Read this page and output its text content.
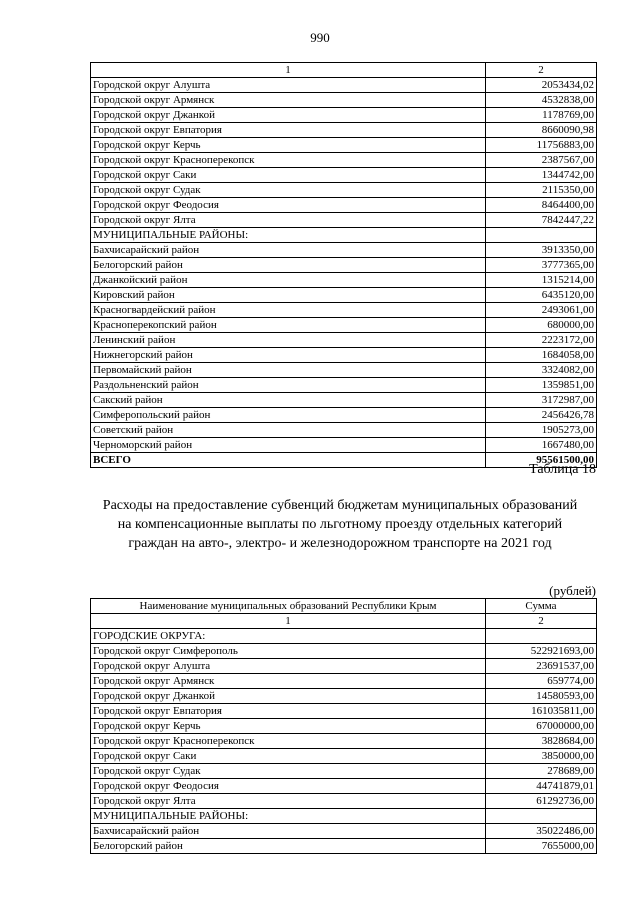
990
1	2
Городской округ Алушта	2053434,02
Городской округ Армянск	4532838,00
Городской округ Джанкой	1178769,00
Городской округ Евпатория	8660090,98
Городской округ Керчь	11756883,00
Городской округ Красноперекопск	2387567,00
Городской округ Саки	1344742,00
Городской округ Судак	2115350,00
Городской округ Феодосия	8464400,00
Городской округ Ялта	7842447,22
МУНИЦИПАЛЬНЫЕ РАЙОНЫ:	
Бахчисарайский район	3913350,00
Белогорский район	3777365,00
Джанкойский район	1315214,00
Кировский район	6435120,00
Красногвардейский район	2493061,00
Красноперекопский район	680000,00
Ленинский район	2223172,00
Нижнегорский район	1684058,00
Первомайский район	3324082,00
Раздольненский район	1359851,00
Сакский район	3172987,00
Симферопольский район	2456426,78
Советский район	1905273,00
Черноморский район	1667480,00
ВСЕГО	95561500,00
Таблица 18
Расходы на предоставление субвенций бюджетам муниципальных образований на компенсационные выплаты по льготному проезду отдельных категорий граждан на авто-, электро- и железнодорожном транспорте на 2021 год
(рублей)
Наименование муниципальных образований Республики Крым	Сумма
1	2
ГОРОДСКИЕ ОКРУГА:	
Городской округ Симферополь	522921693,00
Городской округ Алушта	23691537,00
Городской округ Армянск	659774,00
Городской округ Джанкой	14580593,00
Городской округ Евпатория	161035811,00
Городской округ Керчь	67000000,00
Городской округ Красноперекопск	3828684,00
Городской округ Саки	3850000,00
Городской округ Судак	278689,00
Городской округ Феодосия	44741879,01
Городской округ Ялта	61292736,00
МУНИЦИПАЛЬНЫЕ РАЙОНЫ:	
Бахчисарайский район	35022486,00
Белогорский район	7655000,00
